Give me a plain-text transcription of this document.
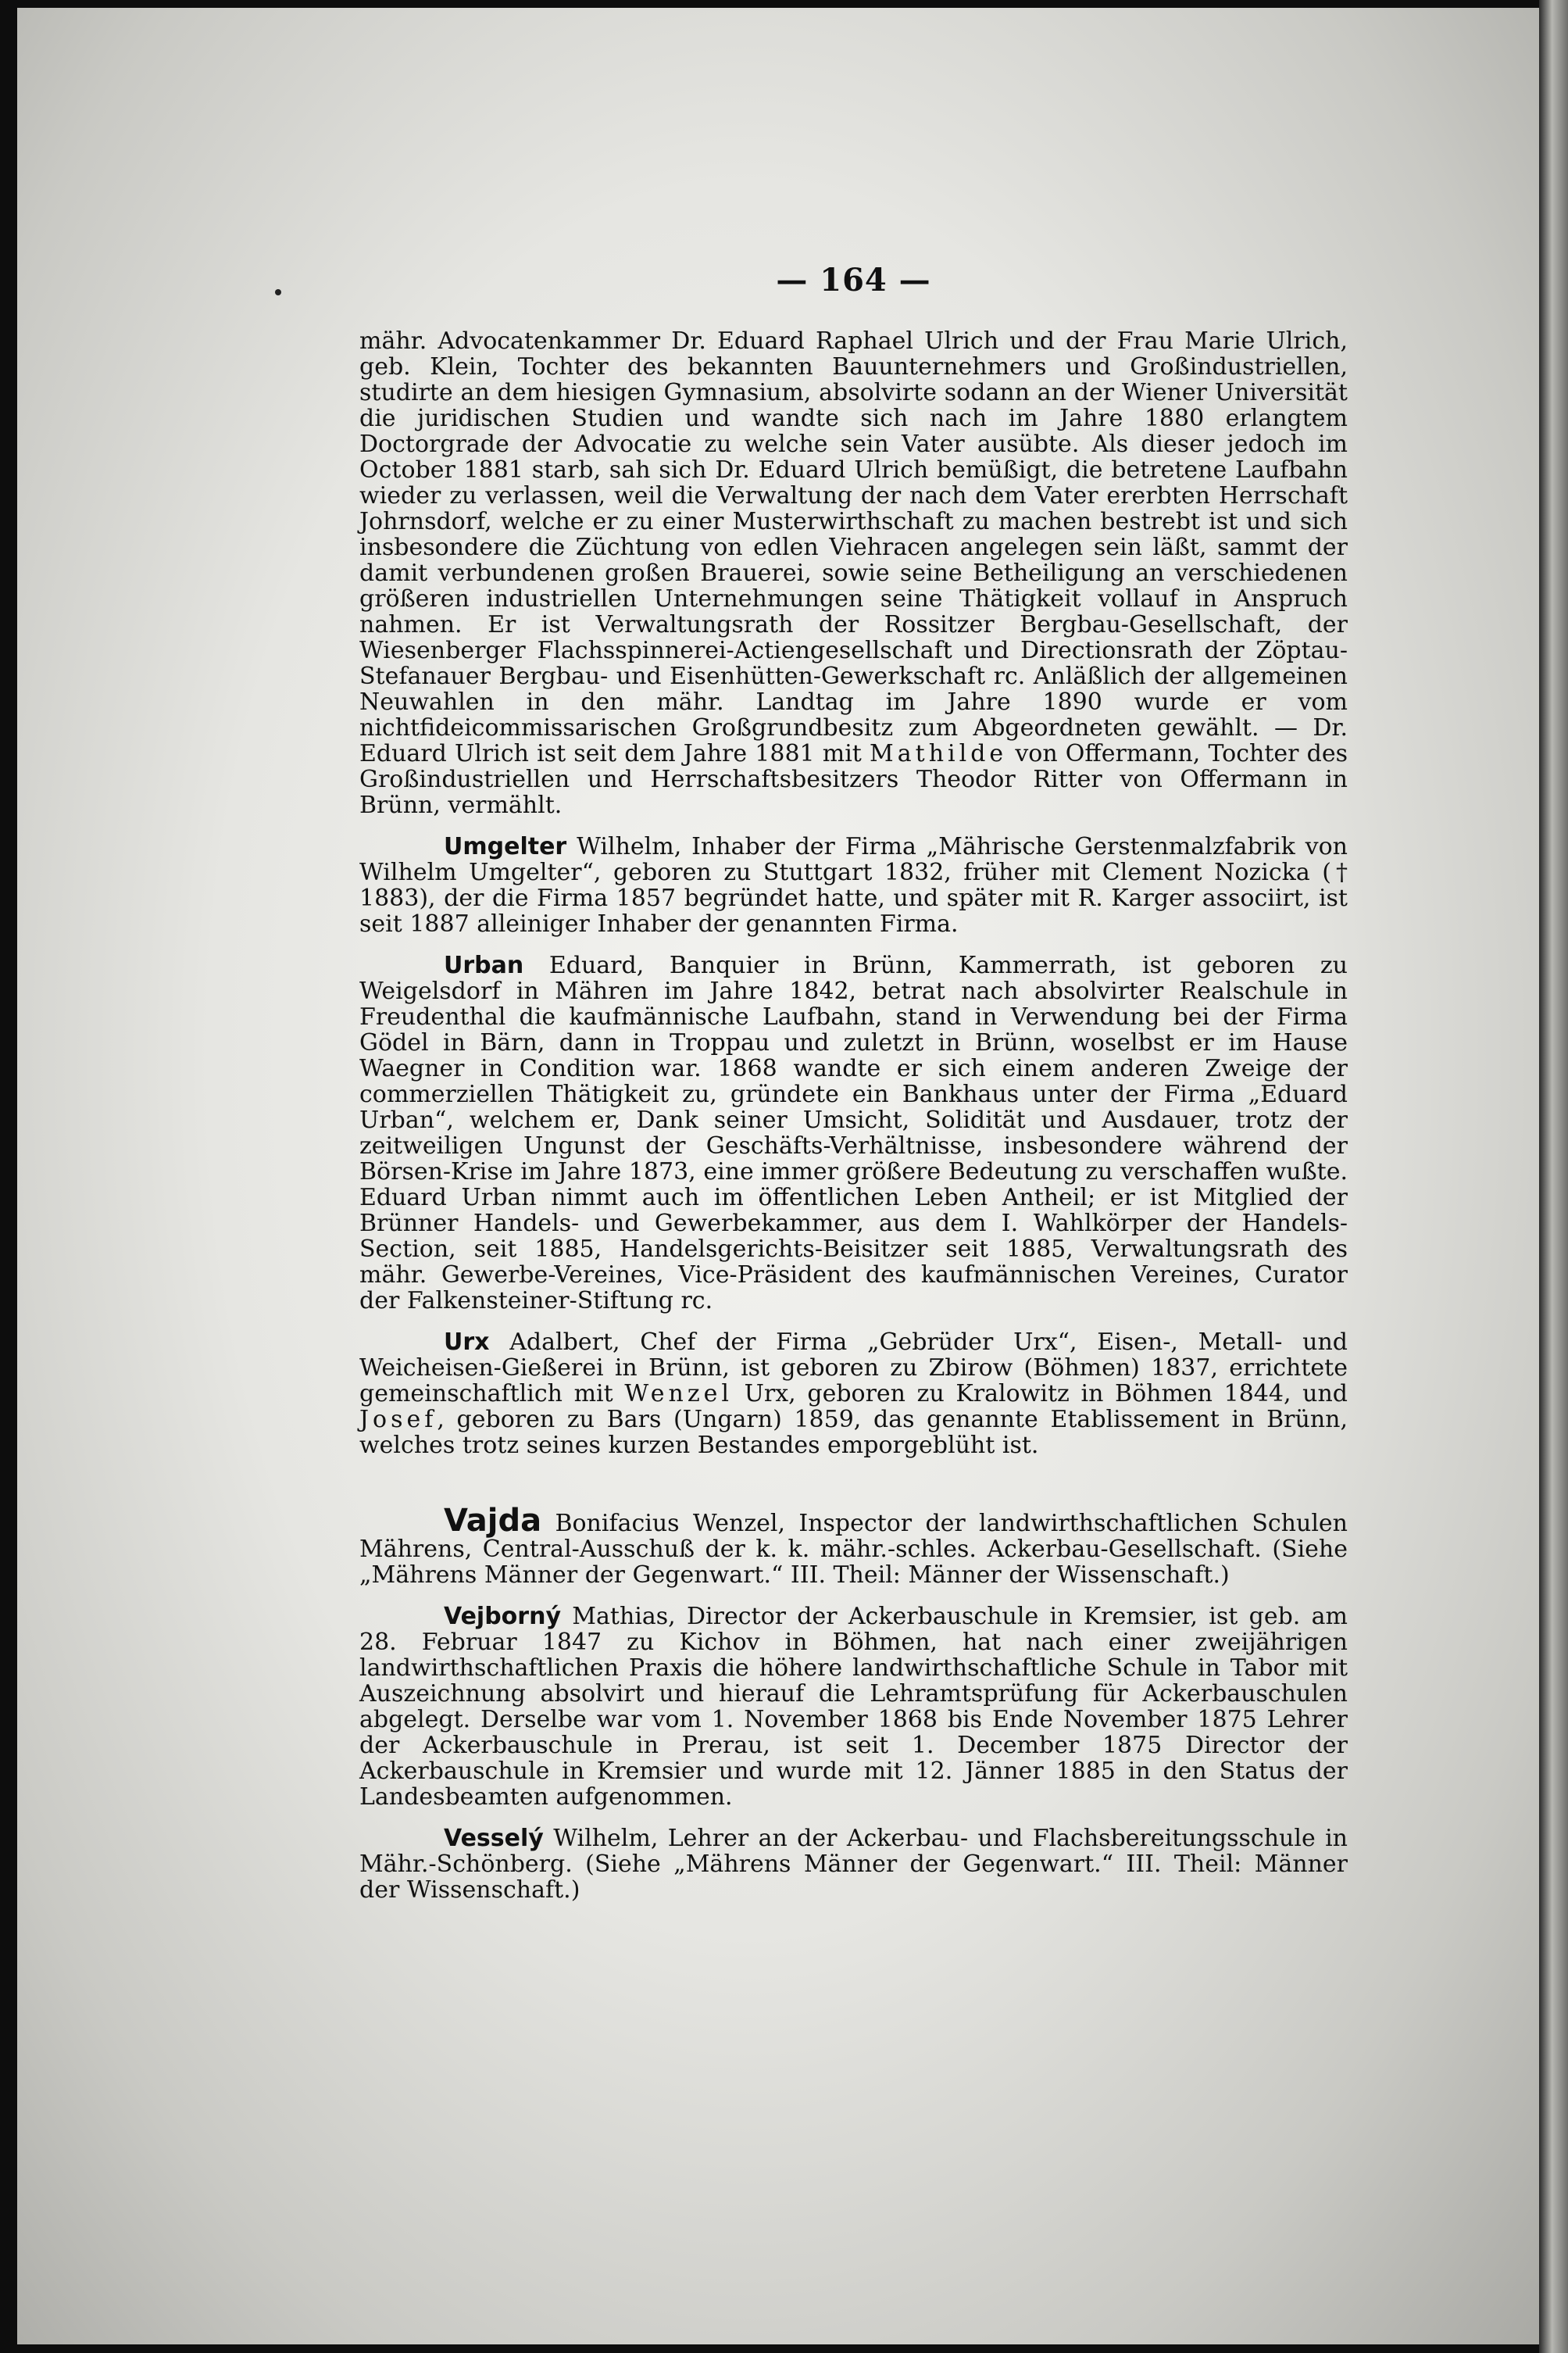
— 164 —

mähr. Advocatenkammer Dr. Eduard Raphael Ulrich und der Frau Marie Ulrich, geb. Klein, Tochter des bekannten Bauunternehmers und Großindustriellen, studirte an dem hiesigen Gymnasium, absolvirte sodann an der Wiener Universität die juridischen Studien und wandte sich nach im Jahre 1880 erlangtem Doctorgrade der Advocatie zu welche sein Vater ausübte. Als dieser jedoch im October 1881 starb, sah sich Dr. Eduard Ulrich bemüßigt, die betretene Laufbahn wieder zu verlassen, weil die Verwaltung der nach dem Vater ererbten Herrschaft Johrnsdorf, welche er zu einer Musterwirthschaft zu machen bestrebt ist und sich insbesondere die Züchtung von edlen Viehracen angelegen sein läßt, sammt der damit verbundenen großen Brauerei, sowie seine Betheiligung an verschiedenen größeren industriellen Unternehmungen seine Thätigkeit vollauf in Anspruch nahmen. Er ist Verwaltungsrath der Rossitzer Bergbau-Gesellschaft, der Wiesenberger Flachsspinnerei-Actiengesellschaft und Directionsrath der Zöptau-Stefanauer Bergbau- und Eisenhütten-Gewerkschaft rc. Anläßlich der allgemeinen Neuwahlen in den mähr. Landtag im Jahre 1890 wurde er vom nichtfideicommissarischen Großgrundbesitz zum Abgeordneten gewählt. — Dr. Eduard Ulrich ist seit dem Jahre 1881 mit Mathilde von Offermann, Tochter des Großindustriellen und Herrschaftsbesitzers Theodor Ritter von Offermann in Brünn, vermählt.

Umgelter Wilhelm, Inhaber der Firma „Mährische Gerstenmalzfabrik von Wilhelm Umgelter“, geboren zu Stuttgart 1832, früher mit Clement Nozicka († 1883), der die Firma 1857 begründet hatte, und später mit R. Karger associirt, ist seit 1887 alleiniger Inhaber der genannten Firma.

Urban Eduard, Banquier in Brünn, Kammerrath, ist geboren zu Weigelsdorf in Mähren im Jahre 1842, betrat nach absolvirter Realschule in Freudenthal die kaufmännische Laufbahn, stand in Verwendung bei der Firma Gödel in Bärn, dann in Troppau und zuletzt in Brünn, woselbst er im Hause Waegner in Condition war. 1868 wandte er sich einem anderen Zweige der commerziellen Thätigkeit zu, gründete ein Bankhaus unter der Firma „Eduard Urban“, welchem er, Dank seiner Umsicht, Solidität und Ausdauer, trotz der zeitweiligen Ungunst der Geschäfts-Verhältnisse, insbesondere während der Börsen-Krise im Jahre 1873, eine immer größere Bedeutung zu verschaffen wußte. Eduard Urban nimmt auch im öffentlichen Leben Antheil; er ist Mitglied der Brünner Handels- und Gewerbekammer, aus dem I. Wahlkörper der Handels-Section, seit 1885, Handelsgerichts-Beisitzer seit 1885, Verwaltungsrath des mähr. Gewerbe-Vereines, Vice-Präsident des kaufmännischen Vereines, Curator der Falkensteiner-Stiftung rc.

Urx Adalbert, Chef der Firma „Gebrüder Urx“, Eisen-, Metall- und Weicheisen-Gießerei in Brünn, ist geboren zu Zbirow (Böhmen) 1837, errichtete gemeinschaftlich mit Wenzel Urx, geboren zu Kralowitz in Böhmen 1844, und Josef, geboren zu Bars (Ungarn) 1859, das genannte Etablissement in Brünn, welches trotz seines kurzen Bestandes emporgeblüht ist.

Vajda Bonifacius Wenzel, Inspector der landwirthschaftlichen Schulen Mährens, Central-Ausschuß der k. k. mähr.-schles. Ackerbau-Gesellschaft. (Siehe „Mährens Männer der Gegenwart.“ III. Theil: Männer der Wissenschaft.)

Vejborný Mathias, Director der Ackerbauschule in Kremsier, ist geb. am 28. Februar 1847 zu Kichov in Böhmen, hat nach einer zweijährigen landwirthschaftlichen Praxis die höhere landwirthschaftliche Schule in Tabor mit Auszeichnung absolvirt und hierauf die Lehramtsprüfung für Ackerbauschulen abgelegt. Derselbe war vom 1. November 1868 bis Ende November 1875 Lehrer der Ackerbauschule in Prerau, ist seit 1. December 1875 Director der Ackerbauschule in Kremsier und wurde mit 12. Jänner 1885 in den Status der Landesbeamten aufgenommen.

Vesselý Wilhelm, Lehrer an der Ackerbau- und Flachsbereitungsschule in Mähr.-Schönberg. (Siehe „Mährens Männer der Gegenwart.“ III. Theil: Männer der Wissenschaft.)
